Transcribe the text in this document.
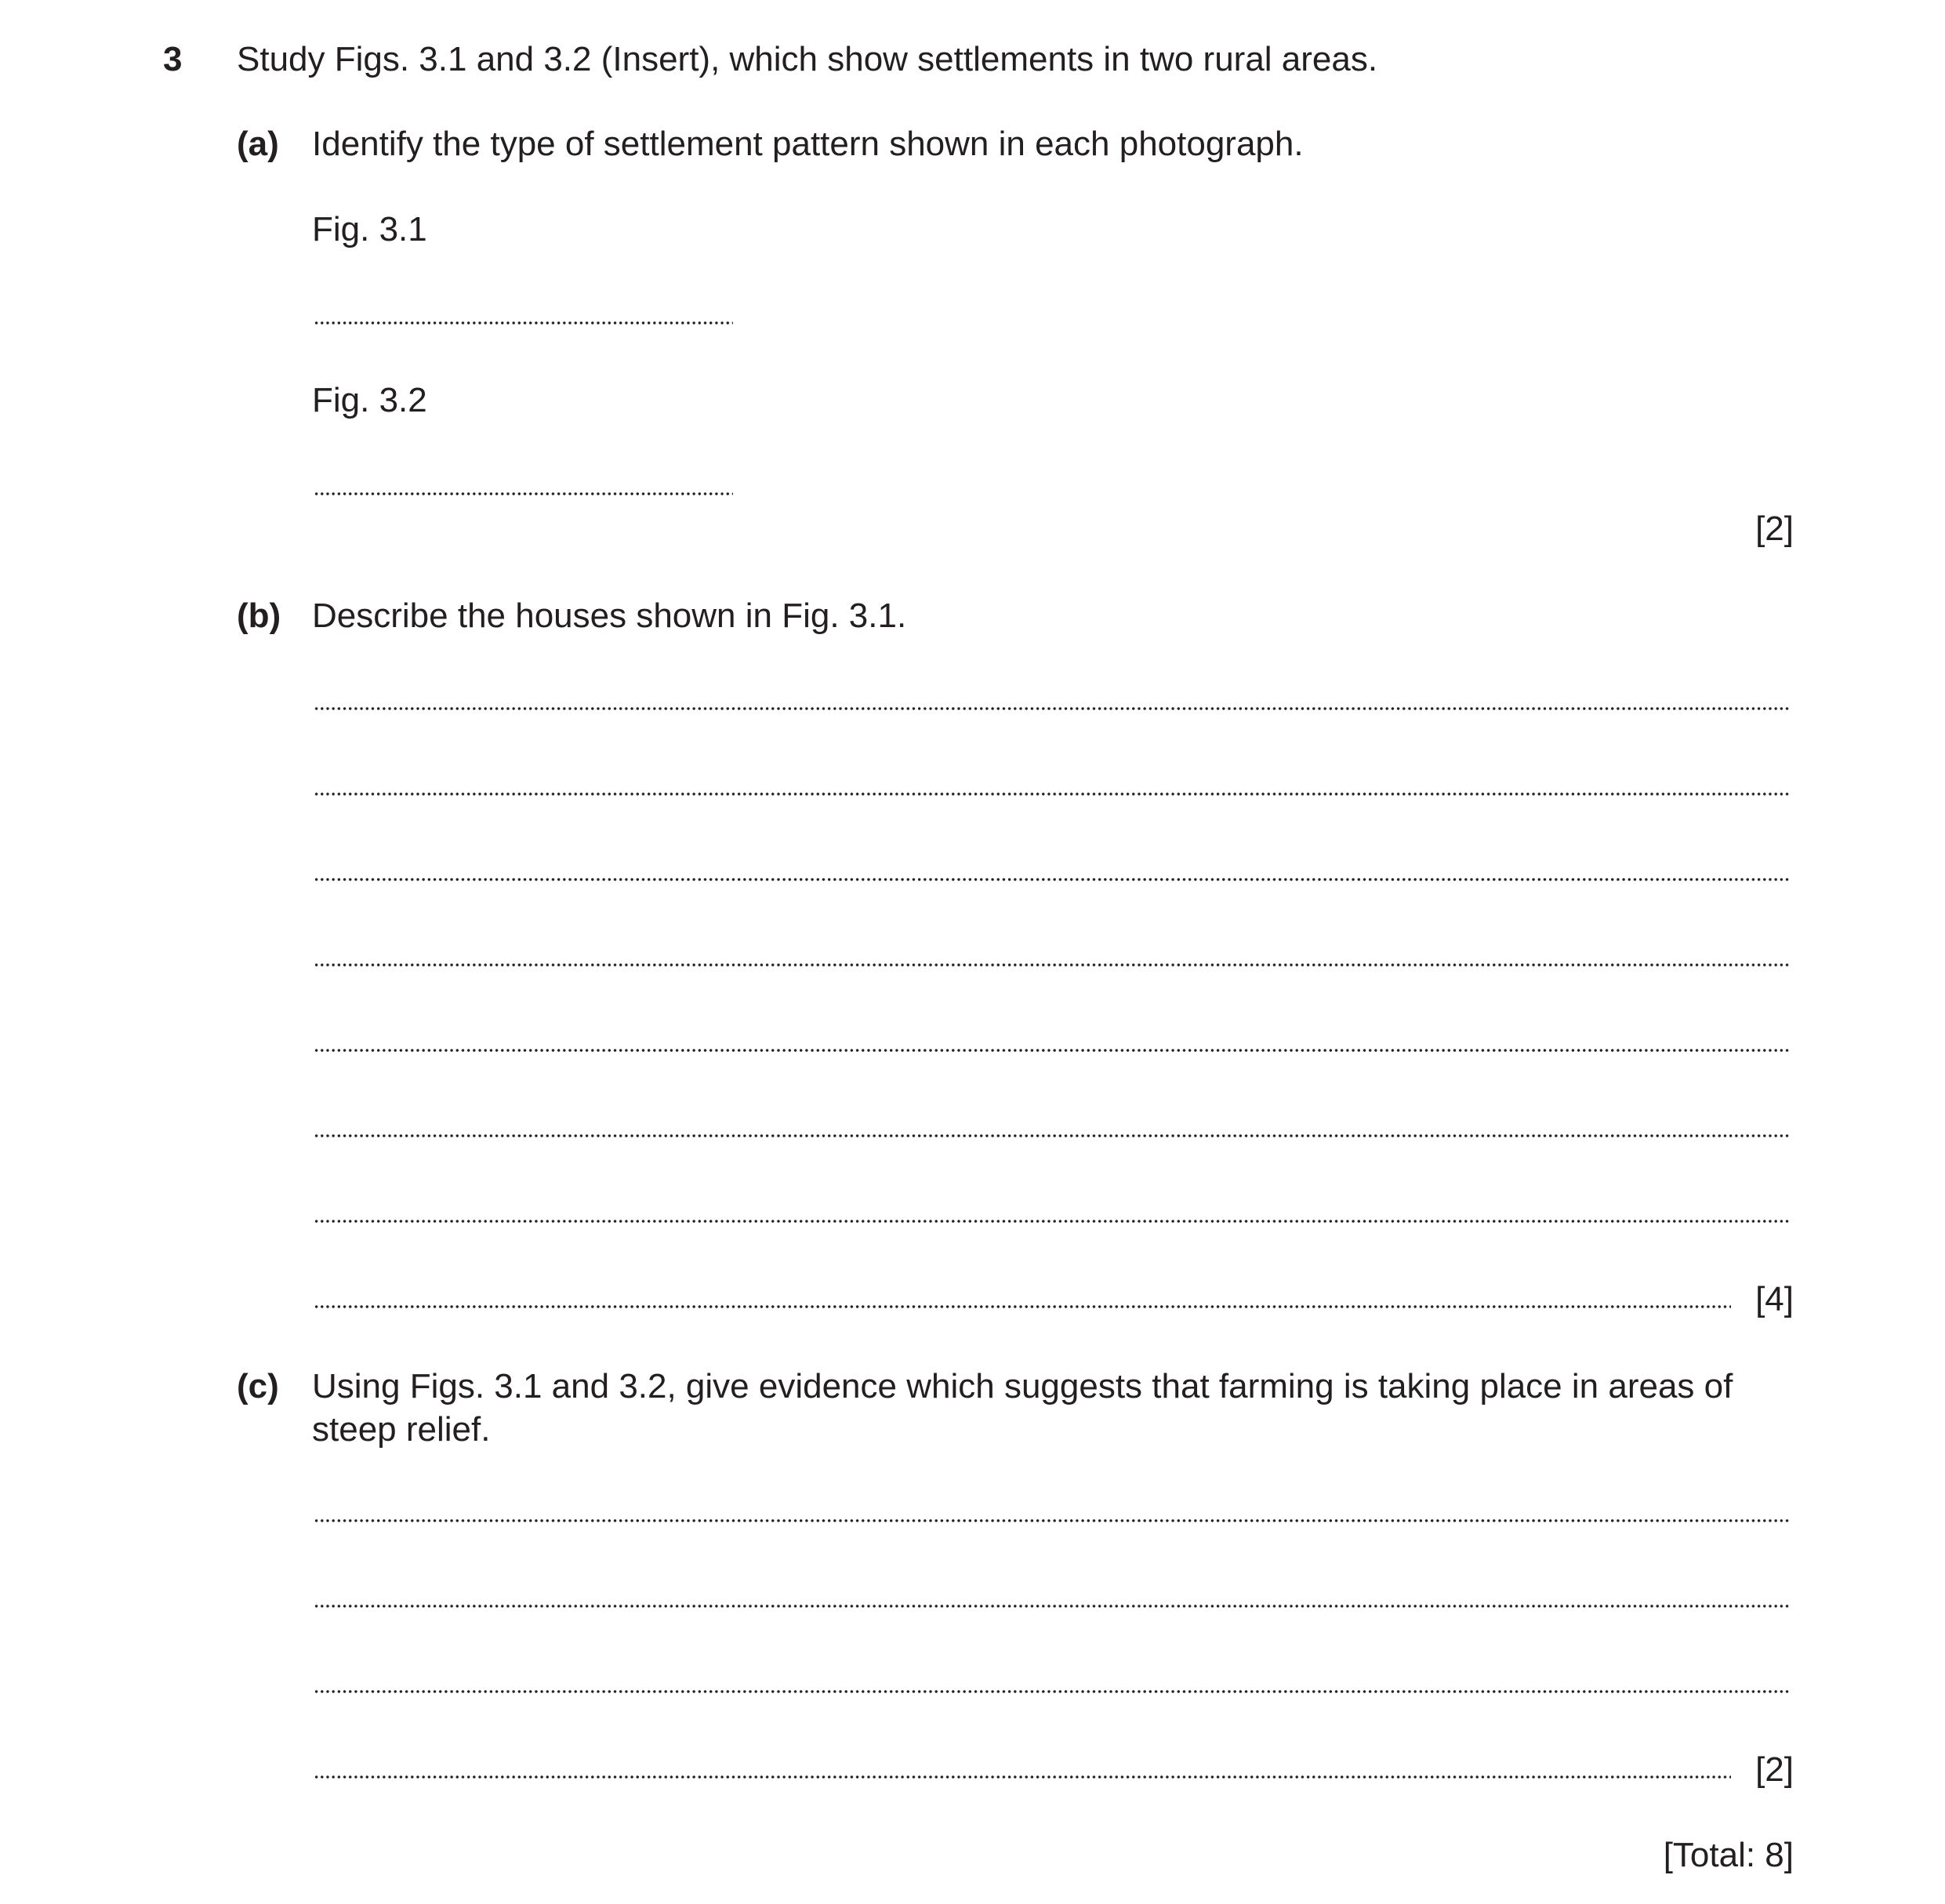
3 Study Figs. 3.1 and 3.2 (Insert), which show settlements in two rural areas.
(a) Identify the type of settlement pattern shown in each photograph.
Fig. 3.1
Fig. 3.2
[2]
(b) Describe the houses shown in Fig. 3.1.
[4]
(c) Using Figs. 3.1 and 3.2, give evidence which suggests that farming is taking place in areas of
steep relief.
[2]
[Total: 8]
